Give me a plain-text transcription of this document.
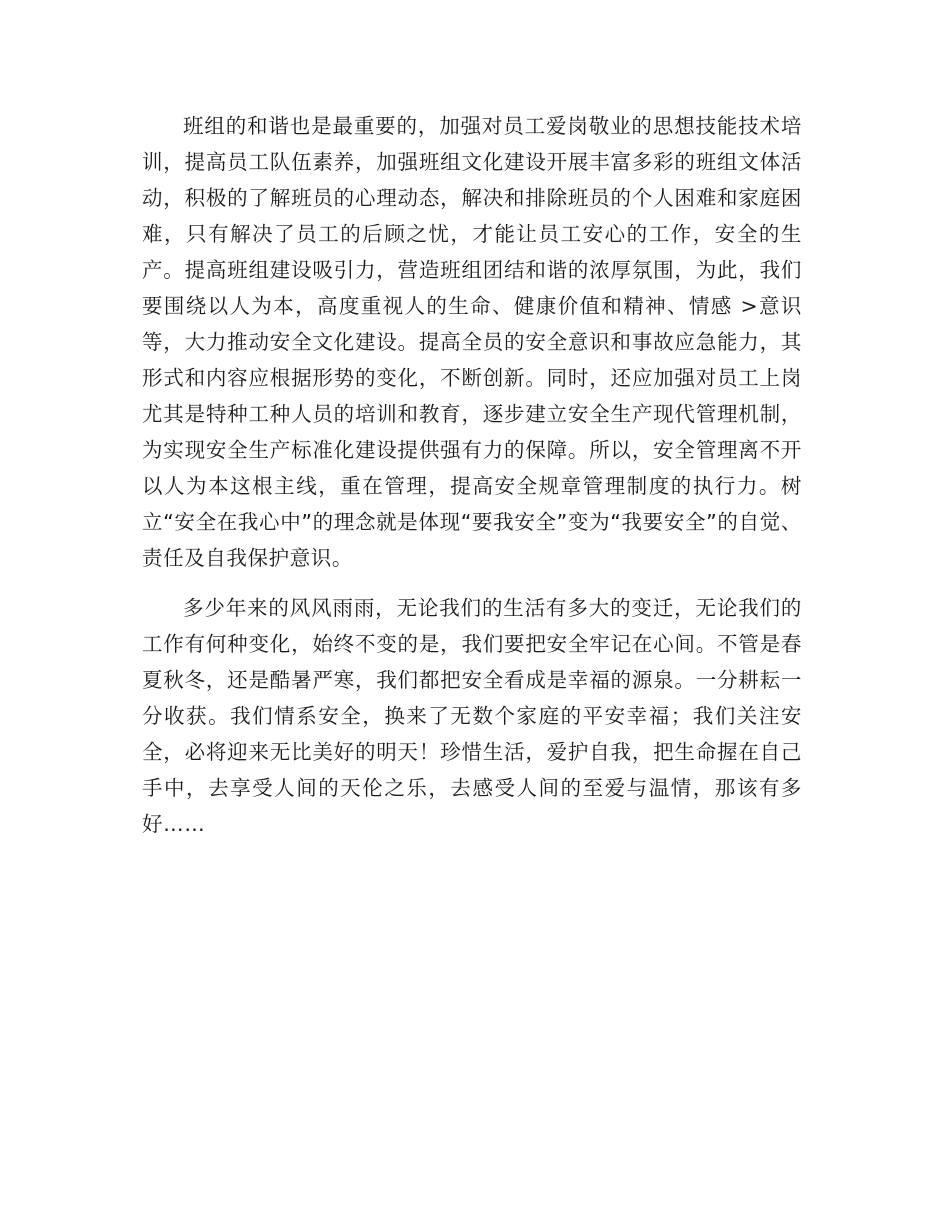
班组的和谐也是最重要的，加强对员工爱岗敬业的思想技能技术培训，提高员工队伍素养，加强班组文化建设开展丰富多彩的班组文体活动，积极的了解班员的心理动态，解决和排除班员的个人困难和家庭困难，只有解决了员工的后顾之忧，才能让员工安心的工作，安全的生产。提高班组建设吸引力，营造班组团结和谐的浓厚氛围，为此，我们要围绕以人为本，高度重视人的生命、健康价值和精神、情感 >意识等，大力推动安全文化建设。提高全员的安全意识和事故应急能力，其形式和内容应根据形势的变化，不断创新。同时，还应加强对员工上岗尤其是特种工种人员的培训和教育，逐步建立安全生产现代管理机制，为实现安全生产标准化建设提供强有力的保障。所以，安全管理离不开以人为本这根主线，重在管理，提高安全规章管理制度的执行力。树立“安全在我心中”的理念就是体现“要我安全”变为“我要安全”的自觉、责任及自我保护意识。

多少年来的风风雨雨，无论我们的生活有多大的变迁，无论我们的工作有何种变化，始终不变的是，我们要把安全牢记在心间。不管是春夏秋冬，还是酷暑严寒，我们都把安全看成是幸福的源泉。一分耕耘一分收获。我们情系安全，换来了无数个家庭的平安幸福；我们关注安全，必将迎来无比美好的明天！珍惜生活，爱护自我，把生命握在自己手中，去享受人间的天伦之乐，去感受人间的至爱与温情，那该有多好……
